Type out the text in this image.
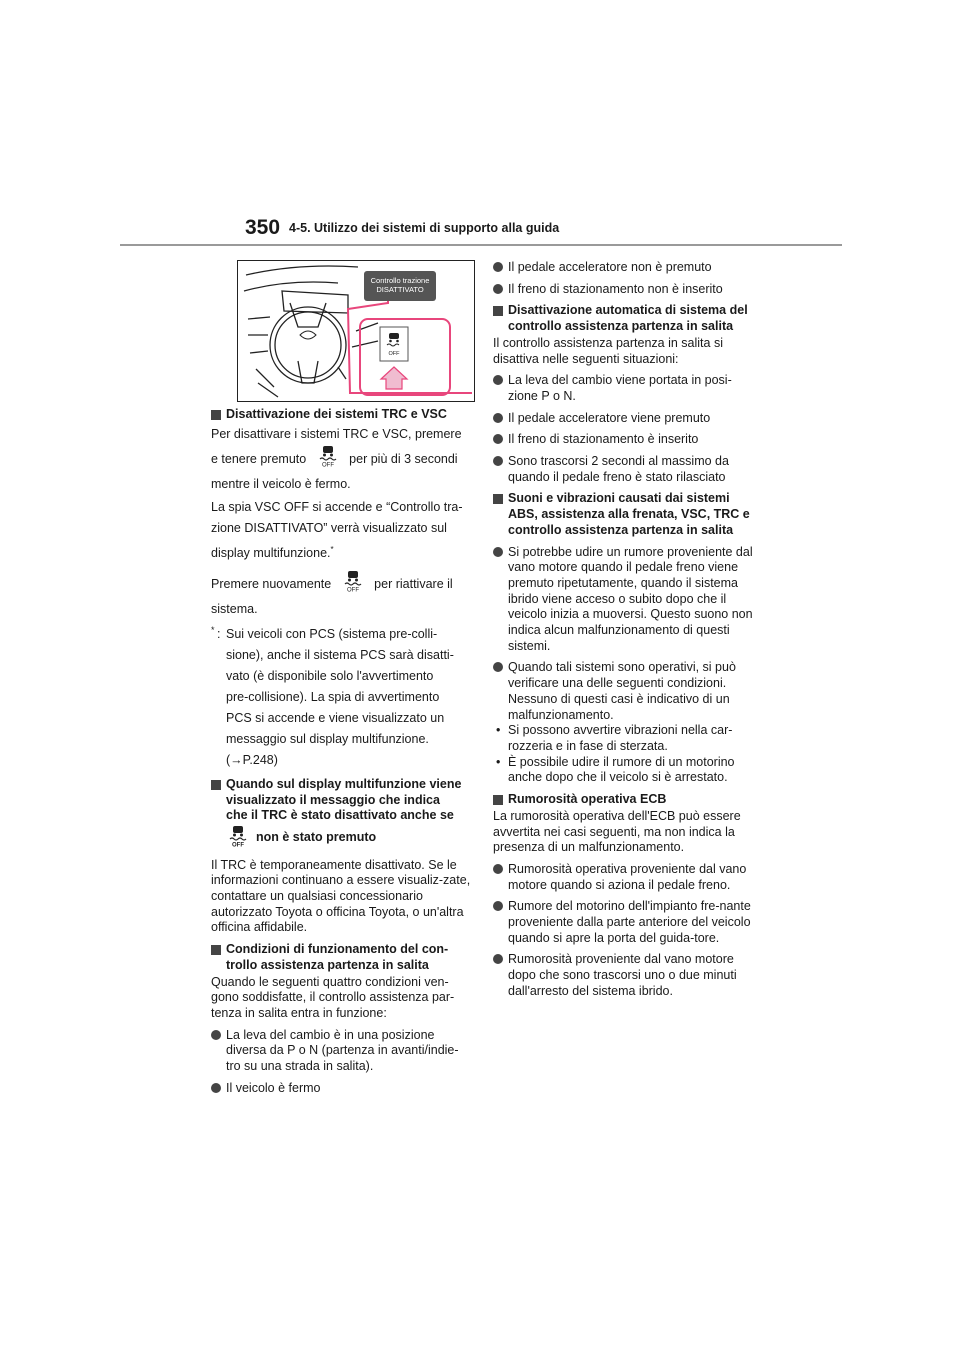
350 4-5. Utilizzo dei sistemi di supporto alla guida
OFF
Controllo trazione
DISATTIVATO
Disattivazione dei sistemi TRC e VSC
Per disattivare i sistemi TRC e VSC, premere
e tenere premuto	OFF per più di 3 secondi
mentre il veicolo è fermo.
La spia VSC OFF si accende e “Controllo tra-
zione DISATTIVATO” verrà visualizzato sul
display multifunzione.*
Premere nuovamente	OFF per riattivare il
sistema.
* : Sui veicoli con PCS (sistema pre-colli-
sione), anche il sistema PCS sarà disatti-
vato (è disponibile solo l'avvertimento
pre-collisione). La spia di avvertimento
PCS si accende e viene visualizzato un
messaggio sul display multifunzione.
(→P.248)
Quando sul display multifunzione viene
visualizzato il messaggio che indica
che il TRC è stato disattivato anche se
OFF
non è stato premuto

Il TRC è temporaneamente disattivato. Se le informazioni continuano a essere visualiz-zate, contattare un qualsiasi concessionario autorizzato Toyota o officina Toyota, o un'altra officina affidabile.

Condizioni di funzionamento del con-trollo assistenza partenza in salita

Quando le seguenti quattro condizioni ven-gono soddisfatte, il controllo assistenza par-tenza in salita entra in funzione:

La leva del cambio è in una posizione diversa da P o N (partenza in avanti/indie-tro su una strada in salita).
Il veicolo è fermo
Il pedale acceleratore non è premuto
Il freno di stazionamento non è inserito
Disattivazione automatica di sistema del controllo assistenza partenza in salita

Il controllo assistenza partenza in salita si disattiva nelle seguenti situazioni:

La leva del cambio viene portata in posi-zione P o N.
Il pedale acceleratore viene premuto
Il freno di stazionamento è inserito
Sono trascorsi 2 secondi al massimo da quando il pedale freno è stato rilasciato
Suoni e vibrazioni causati dai sistemi ABS, assistenza alla frenata, VSC, TRC e controllo assistenza partenza in salita
Si potrebbe udire un rumore proveniente dal vano motore quando il pedale freno viene premuto ripetutamente, quando il sistema ibrido viene acceso o subito dopo che il veicolo inizia a muoversi. Questo suono non indica alcun malfunzionamento di questi sistemi.
Quando tali sistemi sono operativi, si può verificare una delle seguenti condizioni. Nessuno di questi casi è indicativo di un malfunzionamento.
• Si possono avvertire vibrazioni nella car-rozzeria e in fase di sterzata.
• È possibile udire il rumore di un motorino anche dopo che il veicolo si è arrestato.
Rumorosità operativa ECB

La rumorosità operativa dell'ECB può essere avvertita nei casi seguenti, ma non indica la presenza di un malfunzionamento.

Rumorosità operativa proveniente dal vano motore quando si aziona il pedale freno.
Rumore del motorino dell'impianto fre-nante proveniente dalla parte anteriore del veicolo quando si apre la porta del guida-tore.
Rumorosità proveniente dal vano motore dopo che sono trascorsi uno o due minuti dall'arresto del sistema ibrido.
